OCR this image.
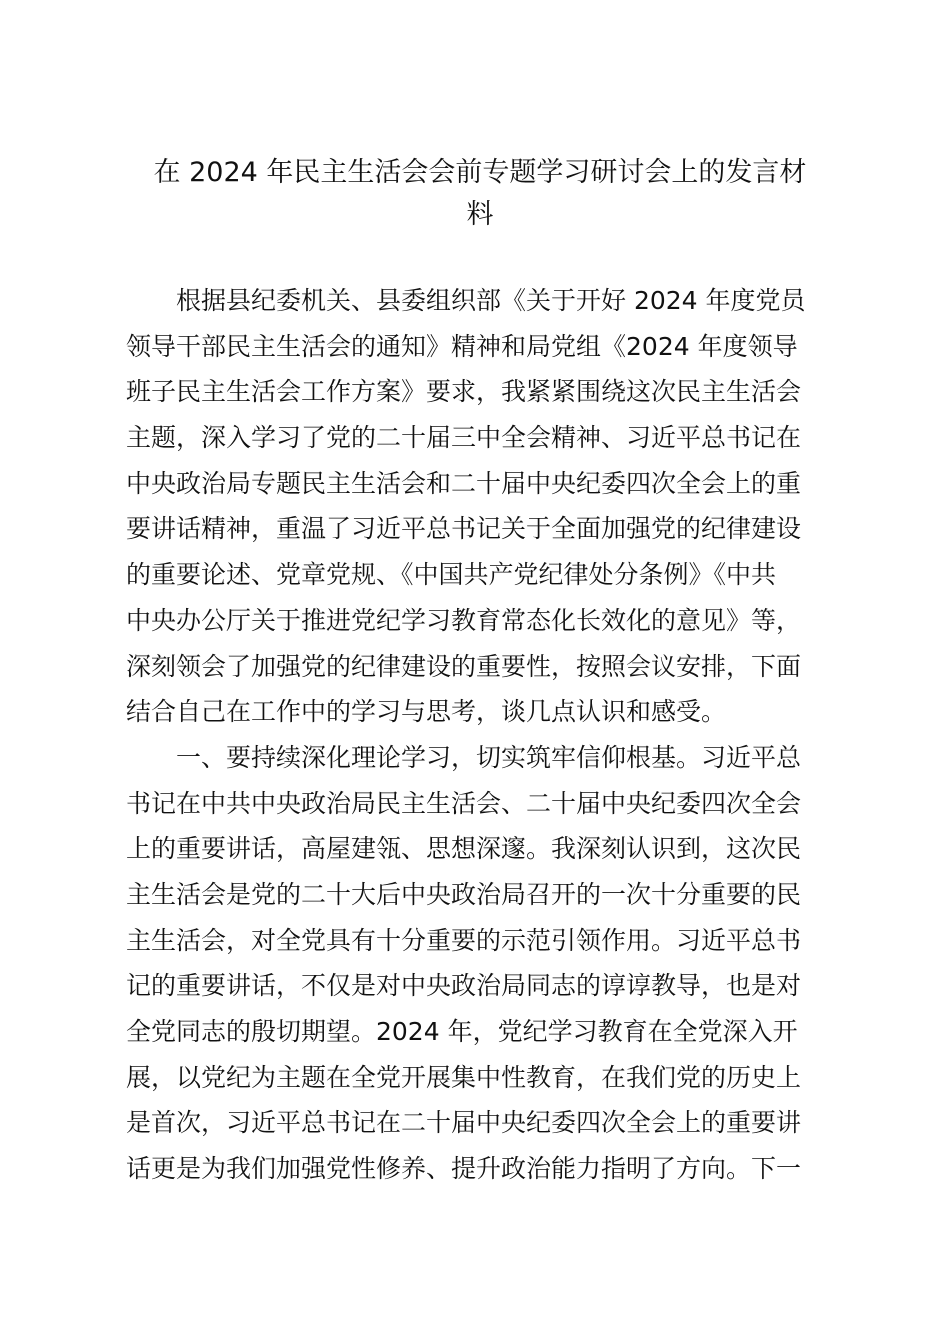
在 2024 年民主生活会会前专题学习研讨会上的发言材
料
　　根据县纪委机关、县委组织部《关于开好 2024 年度党员
领导干部民主生活会的通知》精神和局党组《2024 年度领导
班子民主生活会工作方案》要求，我紧紧围绕这次民主生活会
主题，深入学习了党的二十届三中全会精神、习近平总书记在
中央政治局专题民主生活会和二十届中央纪委四次全会上的重
要讲话精神，重温了习近平总书记关于全面加强党的纪律建设
的重要论述、党章党规、《中国共产党纪律处分条例》《中共
中央办公厅关于推进党纪学习教育常态化长效化的意见》等，
深刻领会了加强党的纪律建设的重要性，按照会议安排，下面
结合自己在工作中的学习与思考，谈几点认识和感受。
　　一、要持续深化理论学习，切实筑牢信仰根基。习近平总
书记在中共中央政治局民主生活会、二十届中央纪委四次全会
上的重要讲话，高屋建瓴、思想深邃。我深刻认识到，这次民
主生活会是党的二十大后中央政治局召开的一次十分重要的民
主生活会，对全党具有十分重要的示范引领作用。习近平总书
记的重要讲话，不仅是对中央政治局同志的谆谆教导，也是对
全党同志的殷切期望。2024 年，党纪学习教育在全党深入开
展，以党纪为主题在全党开展集中性教育，在我们党的历史上
是首次，习近平总书记在二十届中央纪委四次全会上的重要讲
话更是为我们加强党性修养、提升政治能力指明了方向。下一
